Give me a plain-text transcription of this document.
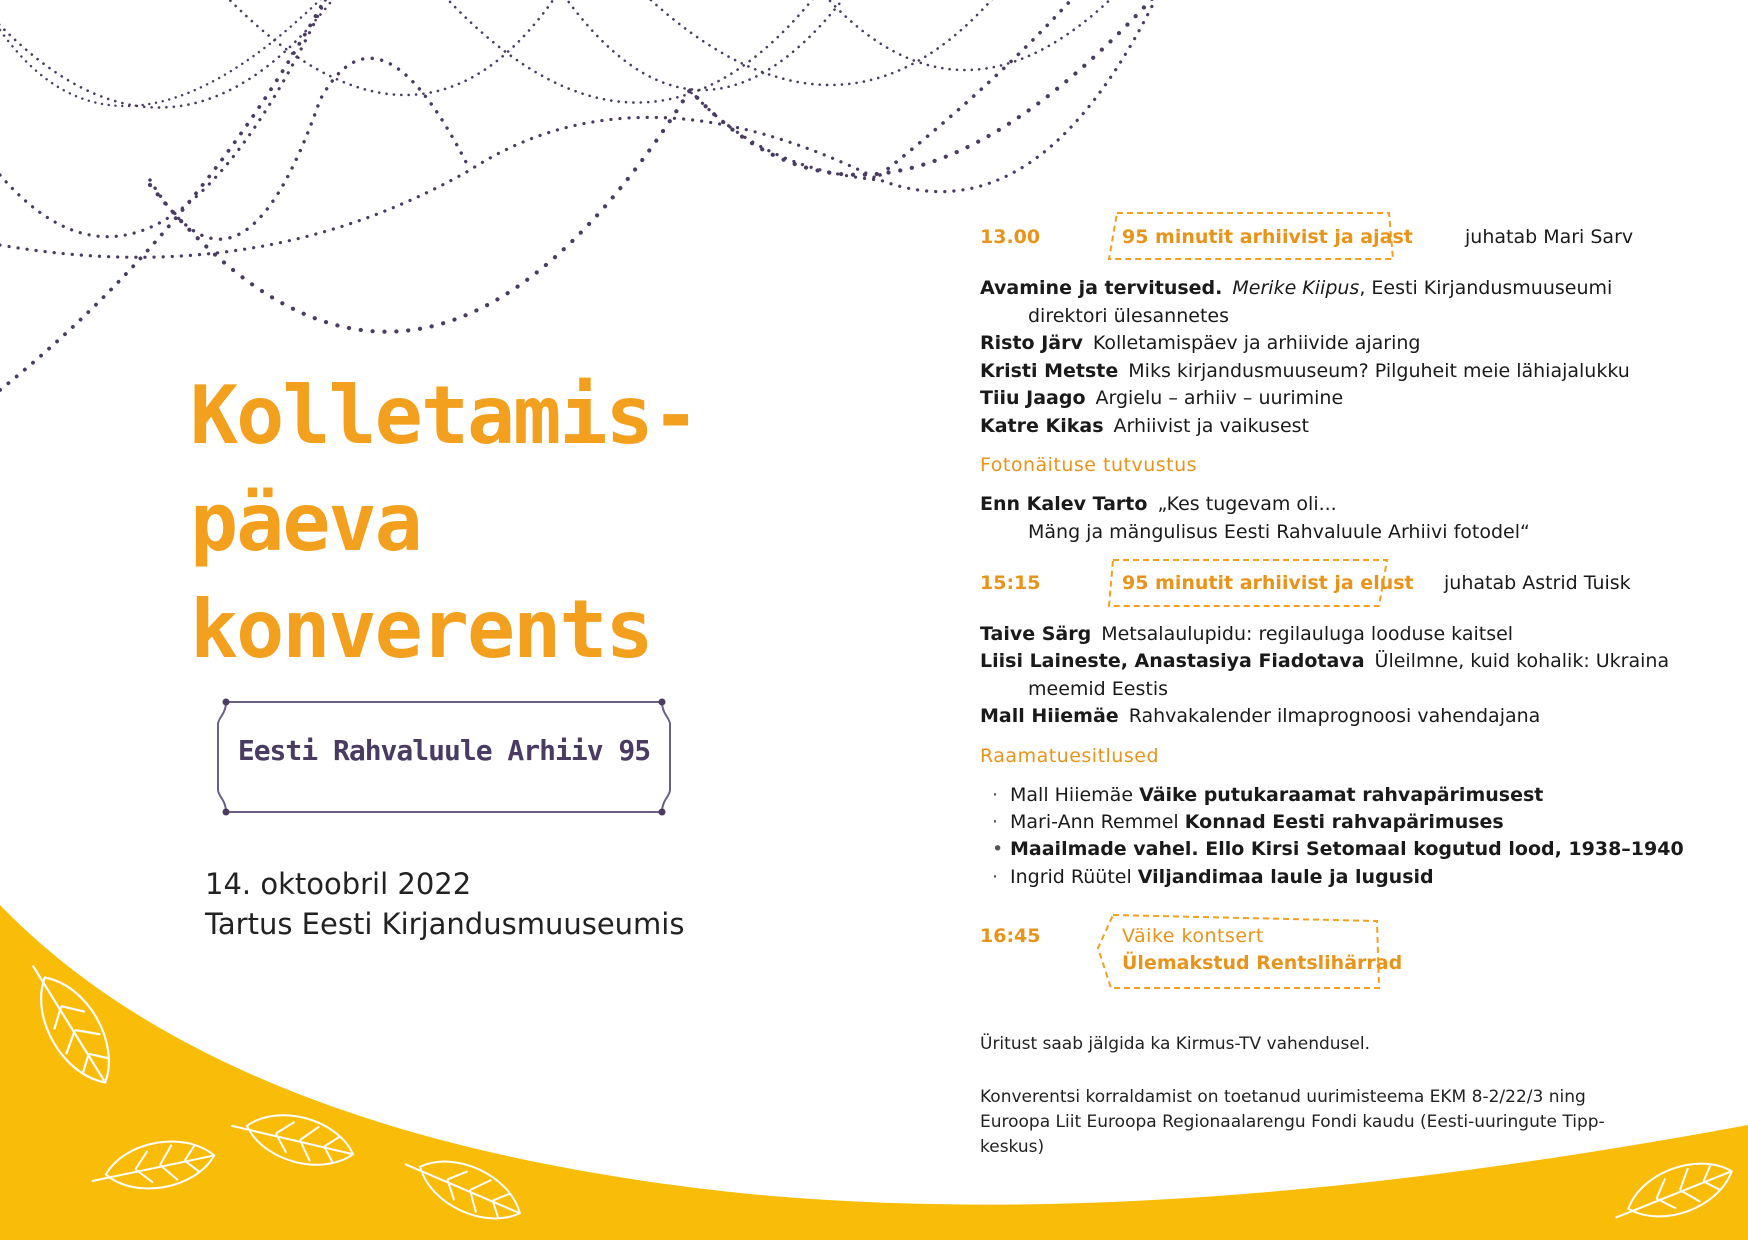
Kolletamis-
päeva
konverents
Eesti Rahvaluule Arhiiv 95
14. oktoobril 2022
Tartus Eesti Kirjandusmuuseumis
13.00	95 minutit arhiivist ja ajast	juhatab Mari Sarv
Avamine ja tervitused. Merike Kiipus, Eesti Kirjandusmuuseumi
direktori ülesannetes
Risto Järv Kolletamispäev ja arhiivide ajaring
Kristi Metste Miks kirjandusmuuseum? Pilguheit meie lähiajalukku
Tiiu Jaago Argielu – arhiiv – uurimine
Katre Kikas Arhiivist ja vaikusest
Fotonäituse tutvustus
Enn Kalev Tarto „Kes tugevam oli...
Mäng ja mängulisus Eesti Rahvaluule Arhiivi fotodel“
15:15	95 minutit arhiivist ja elust juhatab Astrid Tuisk
Taive Särg Metsalaulupidu: regilauluga looduse kaitsel
Liisi Laineste, Anastasiya Fiadotava Üleilmne, kuid kohalik: Ukraina
meemid Eestis
Mall Hiiemäe Rahvakalender ilmaprognoosi vahendajana
Raamatuesitlused
· Mall Hiiemäe Väike putukaraamat rahvapärimusest
· Mari-Ann Remmel Konnad Eesti rahvapärimuses
• Maailmade vahel. Ello Kirsi Setomaal kogutud lood, 1938–1940
· Ingrid Rüütel Viljandimaa laule ja lugusid
16:45	Väike kontsert
Ülemakstud Rentslihärrad
Üritust saab jälgida ka Kirmus-TV vahendusel.
Konverentsi korraldamist on toetanud uurimisteema EKM 8-2/22/3 ning
Euroopa Liit Euroopa Regionaalarengu Fondi kaudu (Eesti-uuringute Tipp-
keskus)
